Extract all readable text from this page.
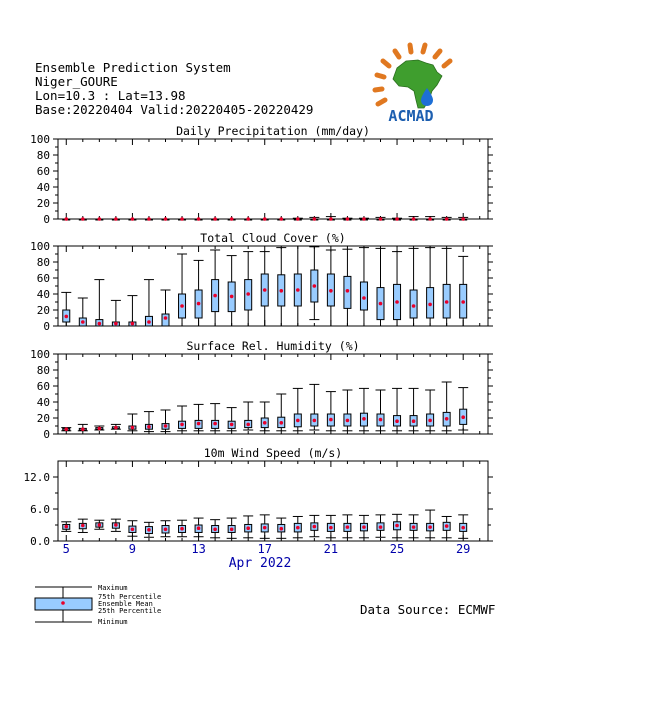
Ensemble Prediction System
Niger_GOURE
Lon=10.3 : Lat=13.98
Base:20220404 Valid:20220405-20220429	ACMAD
Daily Precipitation (mm/day)
0
20
40
60
80
100
Total Cloud Cover (%)
0
20
40
60
80
100
Surface Rel. Humidity (%)
0
20
40
60
80
100
10m Wind Speed (m/s)
0.0
6.0
12.0
5	9	13	17	21	25	29
Apr 2022
Maximum
75th Percentile
Ensemble Mean
25th Percentile
Minimum
Data Source: ECMWF
